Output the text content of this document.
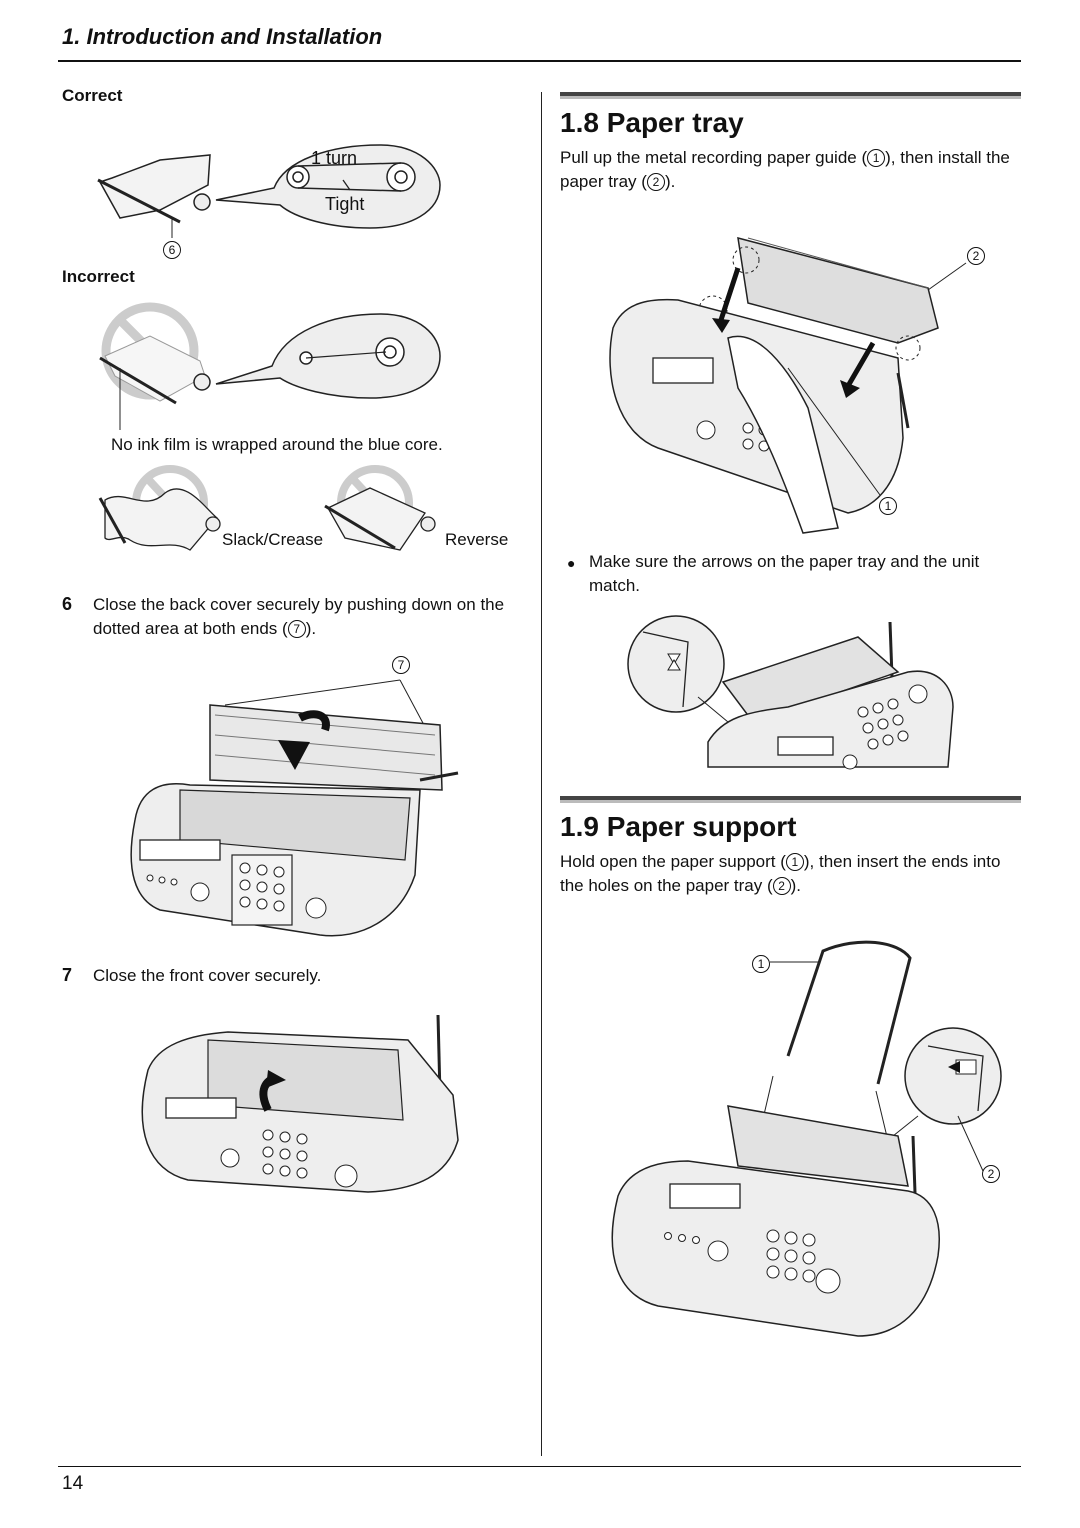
1. Introduction and Installation
Correct
1 turn
Tight
6
Incorrect
No ink film is wrapped around the blue core.
Slack/Crease	Reverse
6 Close the back cover securely by pushing down on the dotted area at both ends ( 7 ).
7
7 Close the front cover securely.
1.8 Paper tray
Pull up the metal recording paper guide ( 1 ), then install the paper tray ( 2 ).
2
1
● Make sure the arrows on the paper tray and the unit match.
1.9 Paper support
Hold open the paper support ( 1 ), then insert the ends into the holes on the paper tray ( 2 ).
1
2
14
